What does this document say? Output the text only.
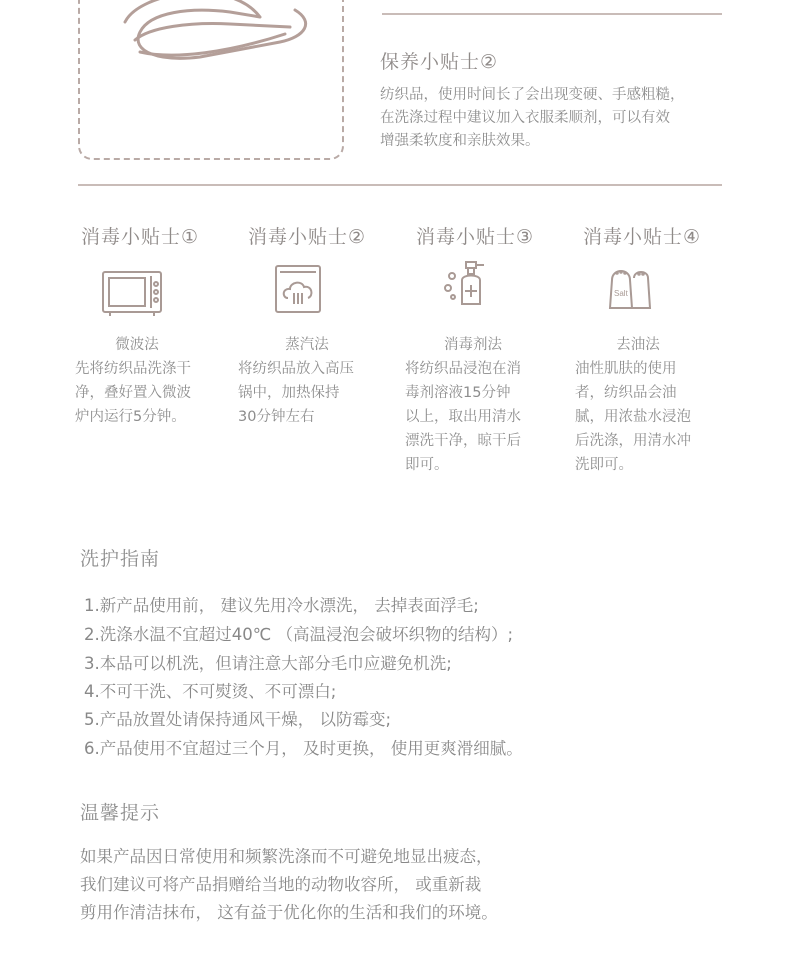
保养小贴士②
纺织品，使用时间长了会出现变硬、手感粗糙，
在洗涤过程中建议加入衣服柔顺剂，可以有效
增强柔软度和亲肤效果。
消毒小贴士①
微波法
先将纺织品洗涤干
净，叠好置入微波
炉内运行5分钟。
消毒小贴士②
蒸汽法
将纺织品放入高压
锅中，加热保持
30分钟左右
消毒小贴士③
消毒剂法
将纺织品浸泡在消
毒剂溶液15分钟
以上，取出用清水
漂洗干净，晾干后
即可。
消毒小贴士④
Salt
去油法
油性肌肤的使用
者，纺织品会油
腻，用浓盐水浸泡
后洗涤，用清水冲
洗即可。
洗护指南
1.新产品使用前， 建议先用冷水漂洗， 去掉表面浮毛;
2.洗涤水温不宜超过40℃ （高温浸泡会破坏织物的结构）;
3.本品可以机洗，但请注意大部分毛巾应避免机洗;
4.不可干洗、不可熨烫、不可漂白;
5.产品放置处请保持通风干燥， 以防霉变;
6.产品使用不宜超过三个月， 及时更换， 使用更爽滑细腻。
温馨提示
如果产品因日常使用和频繁洗涤而不可避免地显出疲态，
我们建议可将产品捐赠给当地的动物收容所， 或重新裁
剪用作清洁抹布， 这有益于优化你的生活和我们的环境。
